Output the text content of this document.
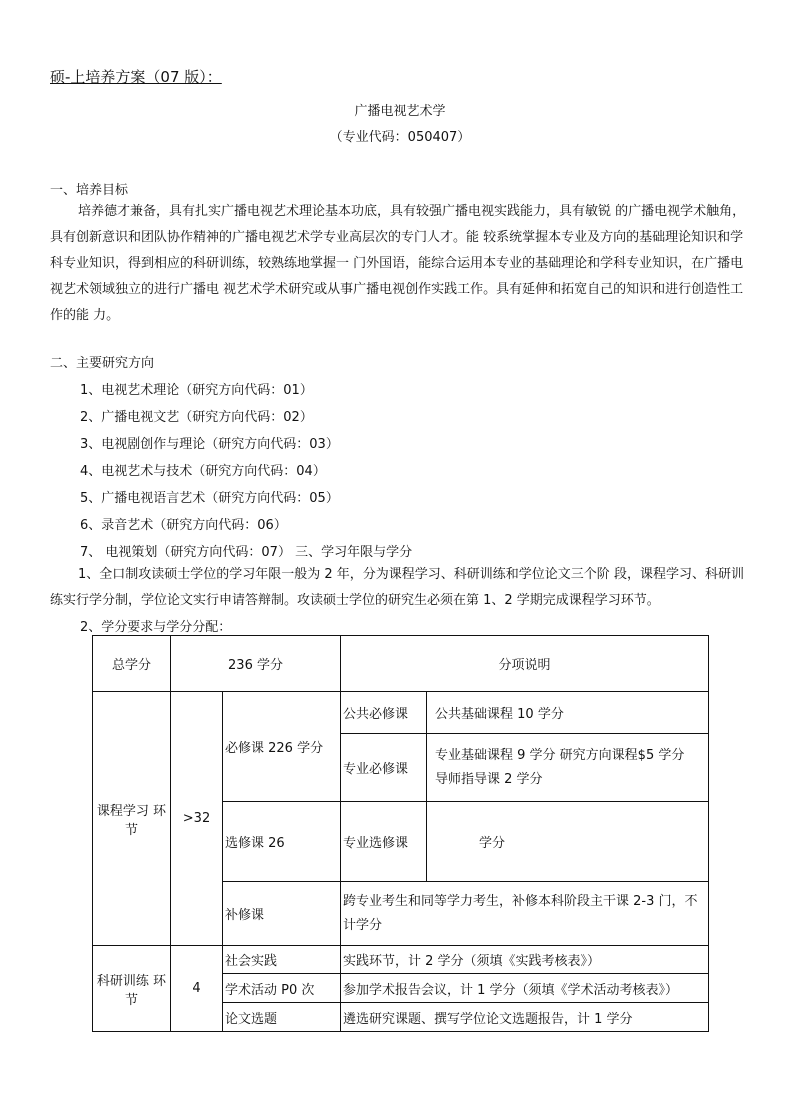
硕-上培养方案（07 版）：
广播电视艺术学
（专业代码：050407）
一、培养目标
培养德才兼备，具有扎实广播电视艺术理论基本功底，具有较强广播电视实践能力，具有敏锐 的广播电视学术触角，具有创新意识和团队协作精神的广播电视艺术学专业高层次的专门人才。能 较系统掌握本专业及方向的基础理论知识和学科专业知识，得到相应的科研训练，较熟练地掌握一 门外国语，能综合运用本专业的基础理论和学科专业知识，在广播电视艺术领域独立的进行广播电 视艺术学术研究或从事广播电视创作实践工作。具有延伸和拓宽自己的知识和进行创造性工作的能 力。
二、主要研究方向
1、电视艺术理论（研究方向代码：01）
2、广播电视文艺（研究方向代码：02）
3、电视剧创作与理论（研究方向代码：03）
4、电视艺术与技术（研究方向代码：04）
5、广播电视语言艺术（研究方向代码：05）
6、录音艺术（研究方向代码：06）
7、 电视策划（研究方向代码：07） 三、学习年限与学分
1、全口制攻读硕士学位的学习年限一般为 2 年，分为课程学习、科研训练和学位论文三个阶 段，课程学习、科研训练实行学分制，学位论文实行申请答辩制。攻读硕士学位的研究生必须在第 1、2 学期完成课程学习环节。
2、学分要求与学分分配：
总学分	236 学分		分项说明	
课程学习 环节	>32	必修课 226 学分	公共必修课	公共基础课程 10 学分
			专业必修课	专业基础课程 9 学分 研究方向课程$5 学分
导师指导课 2 学分

		选修课 26	专业选修课	学分
		补修课	跨专业考生和同等学力考生，补修本科阶段主干课 2-3 门，不计学分	
科研训练 环节	4	社会实践	实践环节，计 2 学分（须填《实践考核表》）	
		学术活动 P0 次	参加学术报告会议，计 1 学分（须填《学术活动考核表》）	
		论文选题	遴选研究课题、撰写学位论文选题报告，计 1 学分	
